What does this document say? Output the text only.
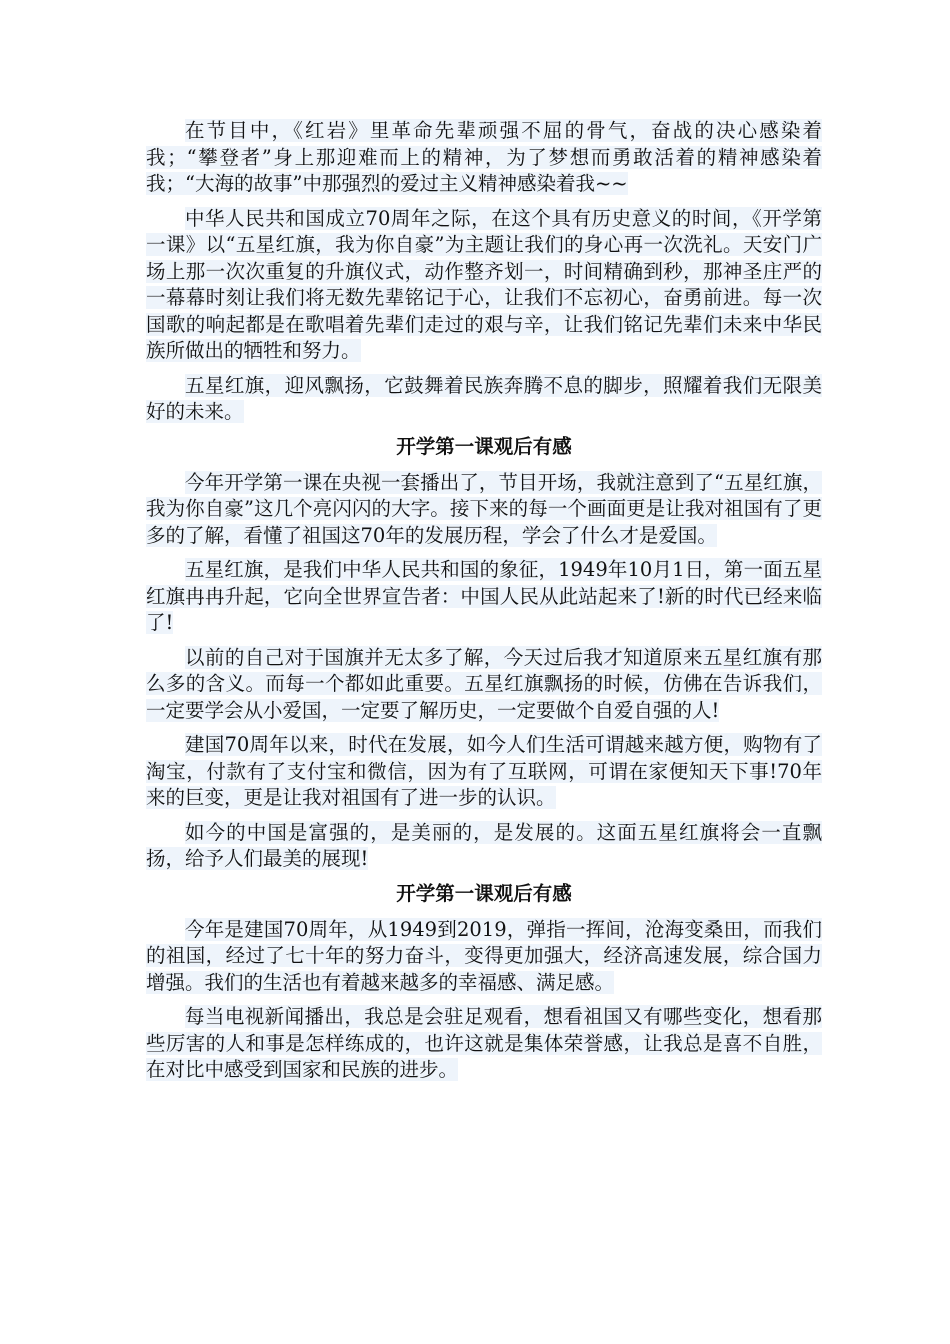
在节目中，《红岩》里革命先辈顽强不屈的骨气，奋战的决心感染着我；“攀登者”身上那迎难而上的精神，为了梦想而勇敢活着的精神感染着我；“大海的故事”中那强烈的爱过主义精神感染着我~~

中华人民共和国成立70周年之际，在这个具有历史意义的时间，《开学第一课》以“五星红旗，我为你自豪”为主题让我们的身心再一次洗礼。天安门广场上那一次次重复的升旗仪式，动作整齐划一，时间精确到秒，那神圣庄严的一幕幕时刻让我们将无数先辈铭记于心，让我们不忘初心，奋勇前进。每一次国歌的响起都是在歌唱着先辈们走过的艰与辛，让我们铭记先辈们未来中华民族所做出的牺牲和努力。

五星红旗，迎风飘扬，它鼓舞着民族奔腾不息的脚步，照耀着我们无限美好的未来。

开学第一课观后有感

今年开学第一课在央视一套播出了，节目开场，我就注意到了“五星红旗，我为你自豪”这几个亮闪闪的大字。接下来的每一个画面更是让我对祖国有了更多的了解，看懂了祖国这70年的发展历程，学会了什么才是爱国。

五星红旗，是我们中华人民共和国的象征，1949年10月1日，第一面五星红旗冉冉升起，它向全世界宣告者：中国人民从此站起来了!新的时代已经来临了!

以前的自己对于国旗并无太多了解，今天过后我才知道原来五星红旗有那么多的含义。而每一个都如此重要。五星红旗飘扬的时候，仿佛在告诉我们，一定要学会从小爱国，一定要了解历史，一定要做个自爱自强的人!

建国70周年以来，时代在发展，如今人们生活可谓越来越方便，购物有了淘宝，付款有了支付宝和微信，因为有了互联网，可谓在家便知天下事!70年来的巨变，更是让我对祖国有了进一步的认识。

如今的中国是富强的，是美丽的，是发展的。这面五星红旗将会一直飘扬，给予人们最美的展现!

开学第一课观后有感

今年是建国70周年，从1949到2019，弹指一挥间，沧海变桑田，而我们的祖国，经过了七十年的努力奋斗，变得更加强大，经济高速发展，综合国力增强。我们的生活也有着越来越多的幸福感、满足感。

每当电视新闻播出，我总是会驻足观看，想看祖国又有哪些变化，想看那些厉害的人和事是怎样练成的，也许这就是集体荣誉感，让我总是喜不自胜，在对比中感受到国家和民族的进步。
